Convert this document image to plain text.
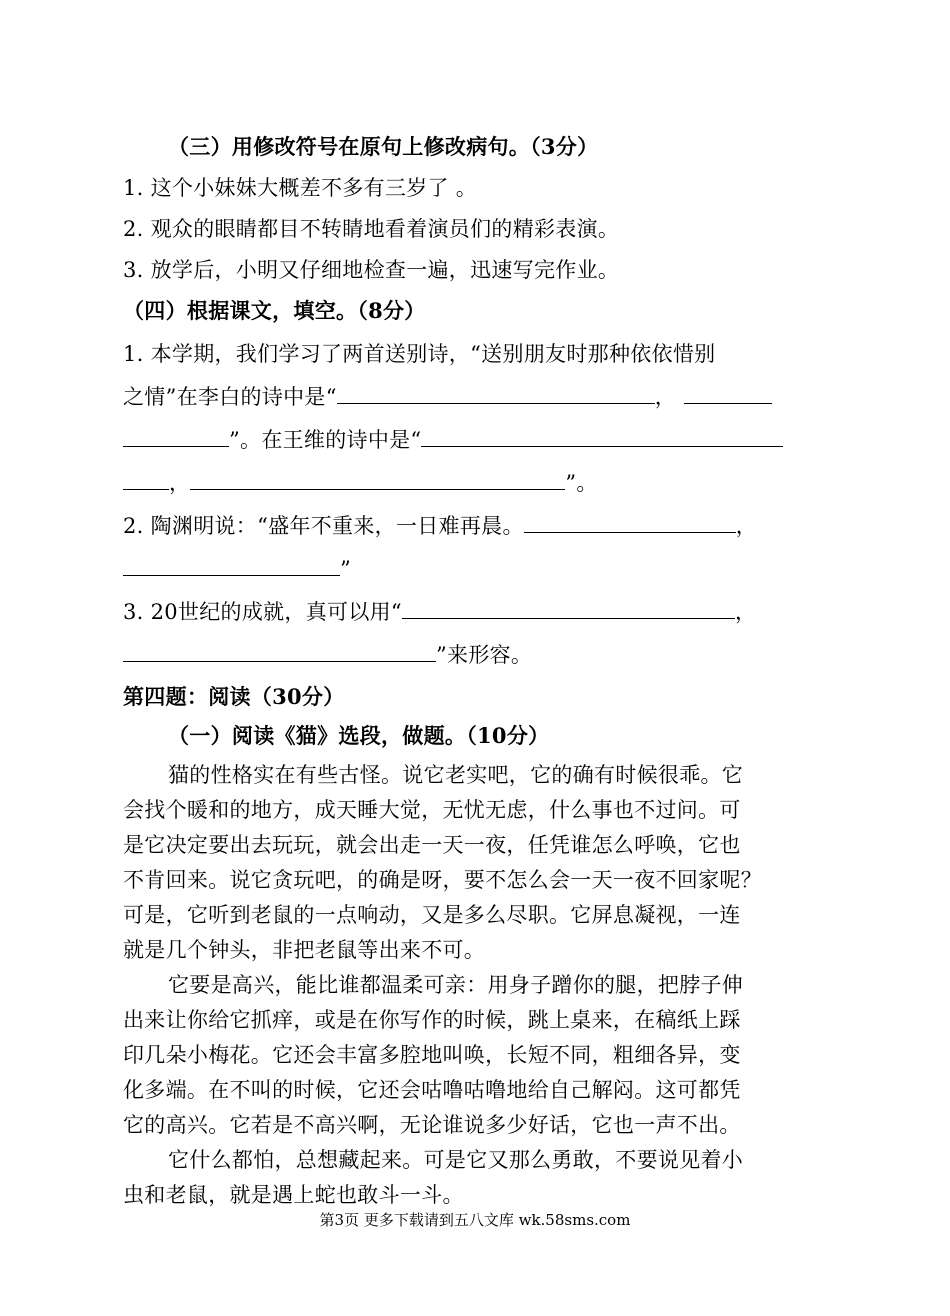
（三）用修改符号在原句上修改病句。（3分）
1. 这个小妹妹大概差不多有三岁了 。
2. 观众的眼睛都目不转睛地看着演员们的精彩表演。
3. 放学后，小明又仔细地检查一遍，迅速写完作业。
（四）根据课文，填空。（8分）
1. 本学期，我们学习了两首送别诗，“送别朋友时那种依依惜别
之情”在李白的诗中是“	，
”。在王维的诗中是“
，	”。
2. 陶渊明说：“盛年不重来，一日难再晨。	，
”
3. 20世纪的成就，真可以用“	，
”来形容。
第四题：阅读（30分）
（一）阅读《猫》选段，做题。（10分）
猫的性格实在有些古怪。说它老实吧，它的确有时候很乖。它
会找个暖和的地方，成天睡大觉，无忧无虑，什么事也不过问。可
是它决定要出去玩玩，就会出走一天一夜，任凭谁怎么呼唤，它也
不肯回来。说它贪玩吧，的确是呀，要不怎么会一天一夜不回家呢？
可是，它听到老鼠的一点响动，又是多么尽职。它屏息凝视，一连
就是几个钟头，非把老鼠等出来不可。
它要是高兴，能比谁都温柔可亲：用身子蹭你的腿，把脖子伸
出来让你给它抓痒，或是在你写作的时候，跳上桌来，在稿纸上踩
印几朵小梅花。它还会丰富多腔地叫唤，长短不同，粗细各异，变
化多端。在不叫的时候，它还会咕噜咕噜地给自己解闷。这可都凭
它的高兴。它若是不高兴啊，无论谁说多少好话，它也一声不出。
它什么都怕，总想藏起来。可是它又那么勇敢，不要说见着小
虫和老鼠，就是遇上蛇也敢斗一斗。
第3页 更多下载请到五八文库 wk.58sms.com
